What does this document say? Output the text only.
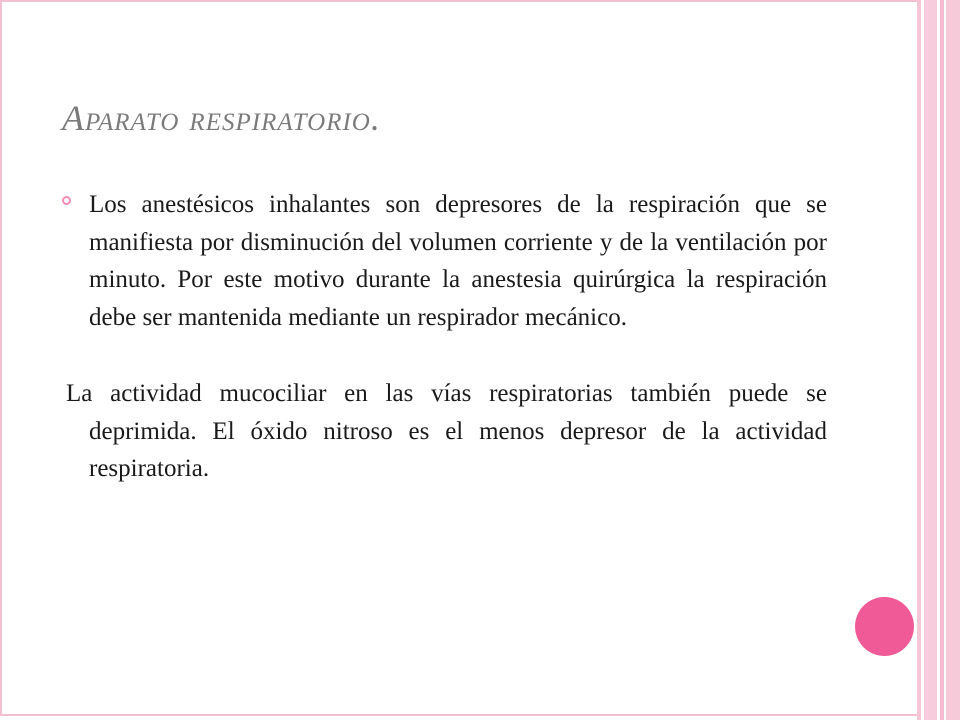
Aparato respiratorio.
Los anestésicos inhalantes son depresores de la respiración que se manifiesta por disminución del volumen corriente y de la ventilación por minuto. Por este motivo durante la anestesia quirúrgica la respiración debe ser mantenida mediante un respirador mecánico.
La actividad mucociliar en las vías respiratorias también puede se deprimida. El óxido nitroso es el menos depresor de la actividad respiratoria.
